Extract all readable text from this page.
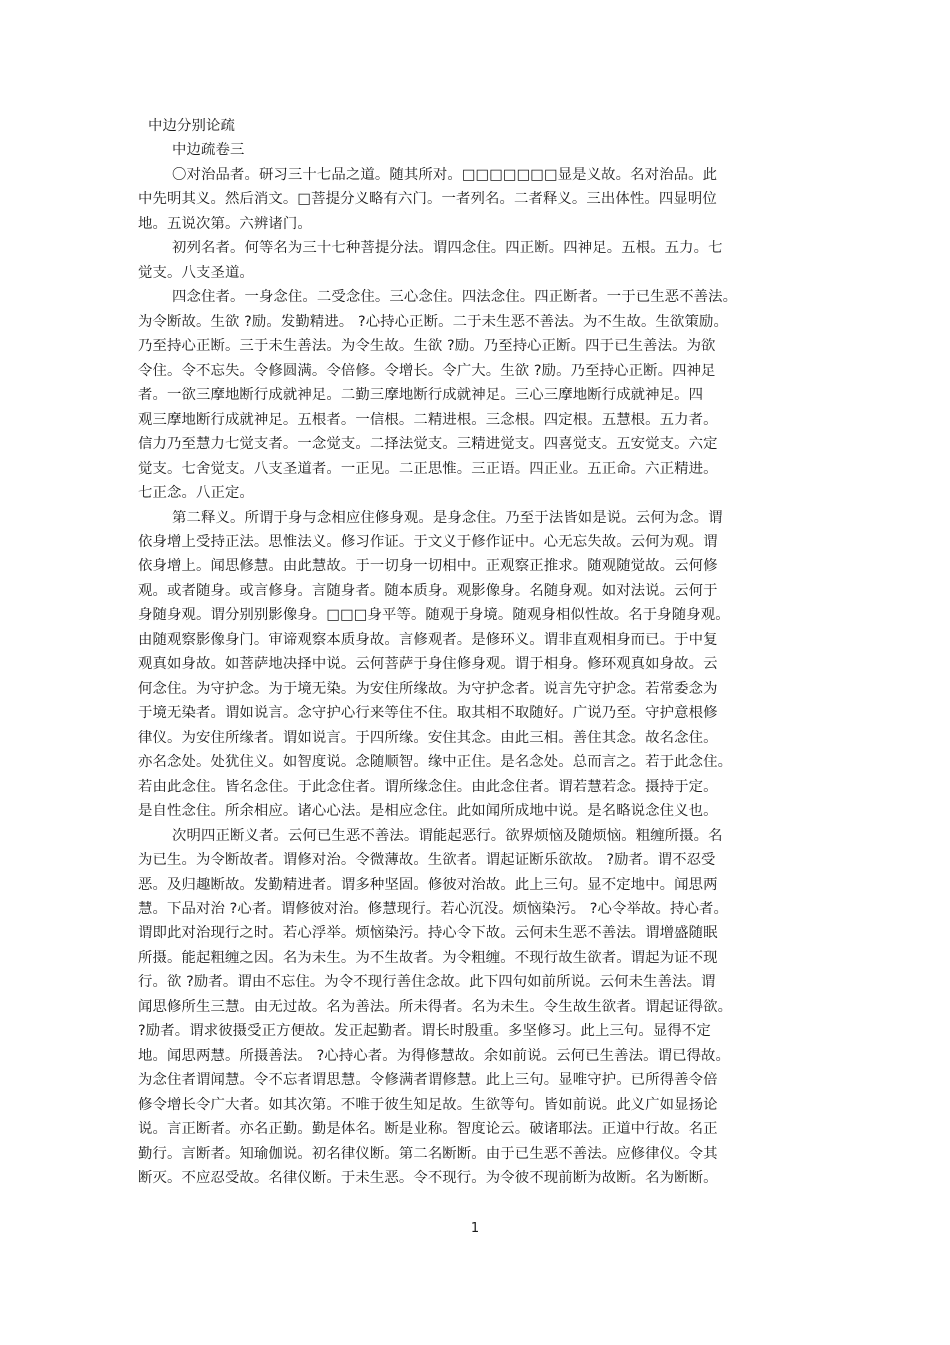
中边分别论疏
中边疏卷三
〇对治品者。研习三十七品之道。随其所对。□□□□□□□显是义故。名对治品。此
中先明其义。然后消文。□菩提分义略有六门。一者列名。二者释义。三出体性。四显明位
地。五说次第。六辨诸门。
初列名者。何等名为三十七种菩提分法。谓四念住。四正断。四神足。五根。五力。七
觉支。八支圣道。
四念住者。一身念住。二受念住。三心念住。四法念住。四正断者。一于已生恶不善法。
为令断故。生欲 ?励。发勤精进。 ?心持心正断。二于未生恶不善法。为不生故。生欲策励。
乃至持心正断。三于未生善法。为令生故。生欲 ?励。乃至持心正断。四于已生善法。为欲
令住。令不忘失。令修圆满。令倍修。令增长。令广大。生欲 ?励。乃至持心正断。四神足
者。一欲三摩地断行成就神足。二勤三摩地断行成就神足。三心三摩地断行成就神足。四
观三摩地断行成就神足。五根者。一信根。二精进根。三念根。四定根。五慧根。五力者。
信力乃至慧力七觉支者。一念觉支。二择法觉支。三精进觉支。四喜觉支。五安觉支。六定
觉支。七舍觉支。八支圣道者。一正见。二正思惟。三正语。四正业。五正命。六正精进。
七正念。八正定。
第二释义。所谓于身与念相应住修身观。是身念住。乃至于法皆如是说。云何为念。谓
依身增上受持正法。思惟法义。修习作证。于文义于修作证中。心无忘失故。云何为观。谓
依身增上。闻思修慧。由此慧故。于一切身一切相中。正观察正推求。随观随觉故。云何修
观。或者随身。或言修身。言随身者。随本质身。观影像身。名随身观。如对法说。云何于
身随身观。谓分别别影像身。□□□身平等。随观于身境。随观身相似性故。名于身随身观。
由随观察影像身门。审谛观察本质身故。言修观者。是修环义。谓非直观相身而已。于中复
观真如身故。如菩萨地决择中说。云何菩萨于身住修身观。谓于相身。修环观真如身故。云
何念住。为守护念。为于境无染。为安住所缘故。为守护念者。说言先守护念。若常委念为
于境无染者。谓如说言。念守护心行来等住不住。取其相不取随好。广说乃至。守护意根修
律仪。为安住所缘者。谓如说言。于四所缘。安住其念。由此三相。善住其念。故名念住。
亦名念处。处犹住义。如智度说。念随顺智。缘中正住。是名念处。总而言之。若于此念住。
若由此念住。皆名念住。于此念住者。谓所缘念住。由此念住者。谓若慧若念。摄持于定。
是自性念住。所余相应。诸心心法。是相应念住。此如闻所成地中说。是名略说念住义也。
次明四正断义者。云何已生恶不善法。谓能起恶行。欲界烦恼及随烦恼。粗缠所摄。名
为已生。为令断故者。谓修对治。令微薄故。生欲者。谓起证断乐欲故。 ?励者。谓不忍受
恶。及归趣断故。发勤精进者。谓多种坚固。修彼对治故。此上三句。显不定地中。闻思两
慧。下品对治 ?心者。谓修彼对治。修慧现行。若心沉没。烦恼染污。 ?心令举故。持心者。
谓即此对治现行之时。若心浮举。烦恼染污。持心令下故。云何未生恶不善法。谓增盛随眠
所摄。能起粗缠之因。名为未生。为不生故者。为令粗缠。不现行故生欲者。谓起为证不现
行。欲 ?励者。谓由不忘住。为令不现行善住念故。此下四句如前所说。云何未生善法。谓
闻思修所生三慧。由无过故。名为善法。所未得者。名为未生。令生故生欲者。谓起证得欲。
?励者。谓求彼摄受正方便故。发正起勤者。谓长时殷重。多坚修习。此上三句。显得不定
地。闻思两慧。所摄善法。 ?心持心者。为得修慧故。余如前说。云何已生善法。谓已得故。
为念住者谓闻慧。令不忘者谓思慧。令修满者谓修慧。此上三句。显唯守护。已所得善令倍
修令增长令广大者。如其次第。不唯于彼生知足故。生欲等句。皆如前说。此义广如显扬论
说。言正断者。亦名正勤。勤是体名。断是业称。智度论云。破诸耶法。正道中行故。名正
勤行。言断者。知瑜伽说。初名律仪断。第二名断断。由于已生恶不善法。应修律仪。令其
断灭。不应忍受故。名律仪断。于未生恶。令不现行。为令彼不现前断为故断。名为断断。
1
